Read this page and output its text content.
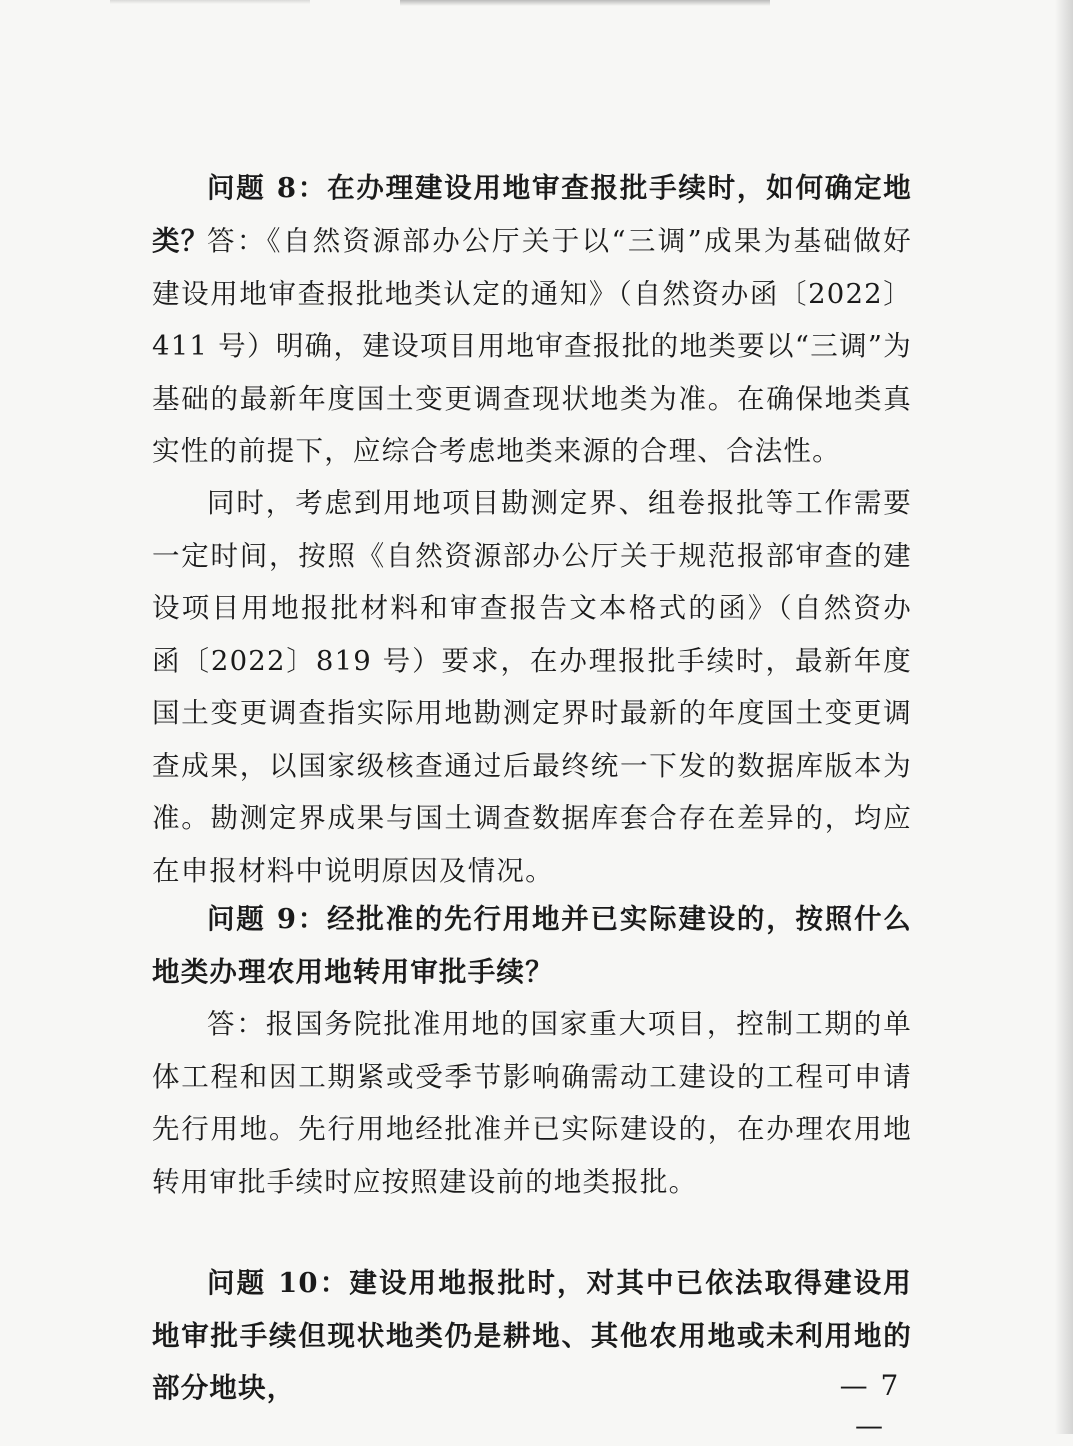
问题 8：在办理建设用地审查报批手续时，如何确定地类？

答：《自然资源部办公厅关于以“三调”成果为基础做好建设用地审查报批地类认定的通知》（自然资办函〔2022〕411 号）明确，建设项目用地审查报批的地类要以“三调”为基础的最新年度国土变更调查现状地类为准。在确保地类真实性的前提下，应综合考虑地类来源的合理、合法性。

同时，考虑到用地项目勘测定界、组卷报批等工作需要一定时间，按照《自然资源部办公厅关于规范报部审查的建设项目用地报批材料和审查报告文本格式的函》（自然资办函〔2022〕819 号）要求，在办理报批手续时，最新年度国土变更调查指实际用地勘测定界时最新的年度国土变更调查成果，以国家级核查通过后最终统一下发的数据库版本为准。勘测定界成果与国土调查数据库套合存在差异的，均应在申报材料中说明原因及情况。

问题 9：经批准的先行用地并已实际建设的，按照什么地类办理农用地转用审批手续？

答：报国务院批准用地的国家重大项目，控制工期的单体工程和因工期紧或受季节影响确需动工建设的工程可申请先行用地。先行用地经批准并已实际建设的，在办理农用地转用审批手续时应按照建设前的地类报批。

问题 10：建设用地报批时，对其中已依法取得建设用地审批手续但现状地类仍是耕地、其他农用地或未利用地的部分地块，	— 7 —
